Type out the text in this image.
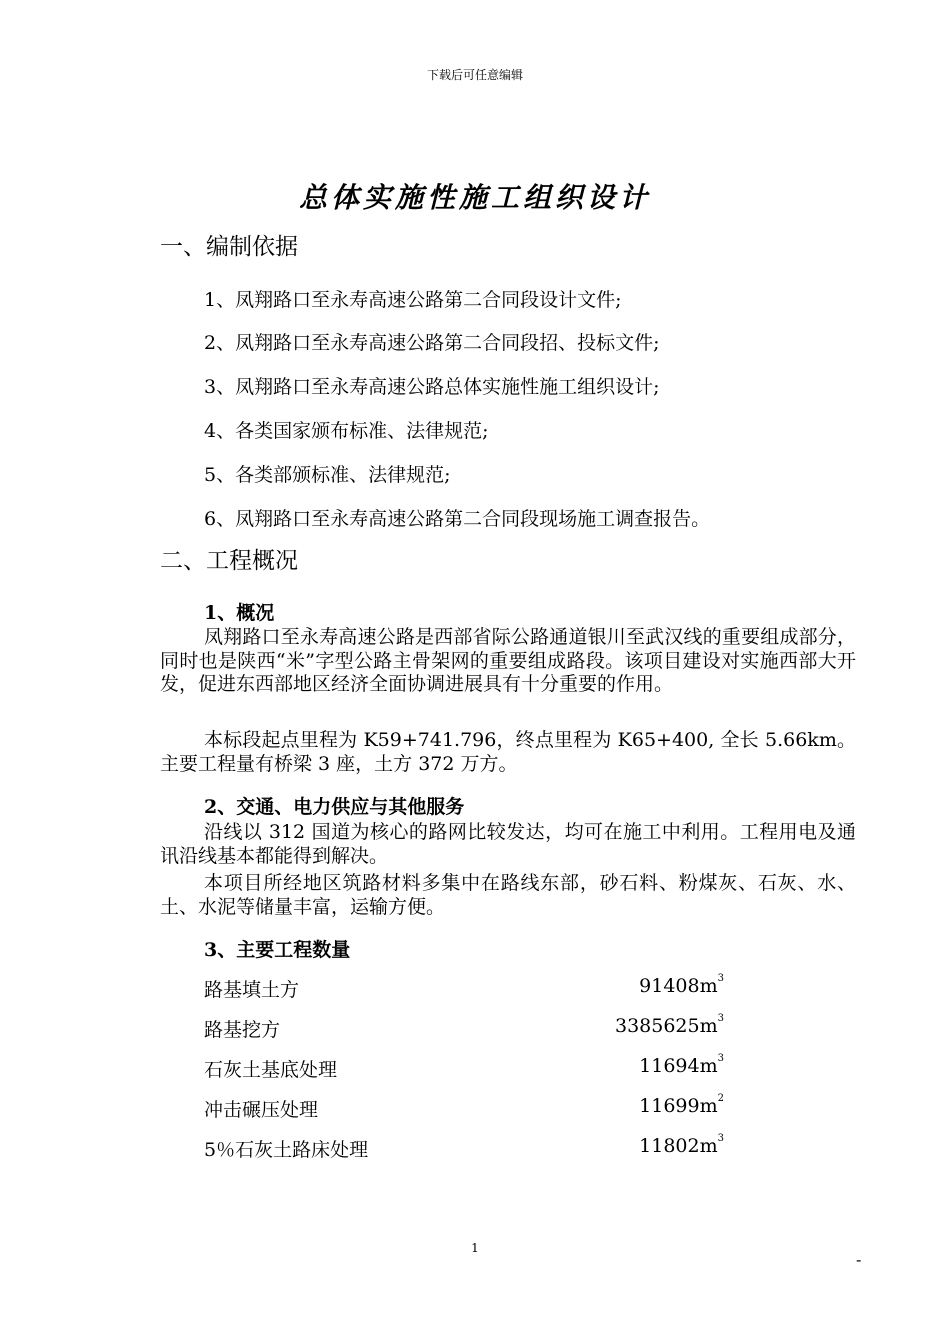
下载后可任意编辑
总体实施性施工组织设计
一、编制依据
1、凤翔路口至永寿高速公路第二合同段设计文件;
2、凤翔路口至永寿高速公路第二合同段招、投标文件;
3、凤翔路口至永寿高速公路总体实施性施工组织设计;
4、各类国家颁布标准、法律规范;
5、各类部颁标准、法律规范;
6、凤翔路口至永寿高速公路第二合同段现场施工调查报告。
二、工程概况
1、概况
凤翔路口至永寿高速公路是西部省际公路通道银川至武汉线的重要组成部分，同时也是陕西“米”字型公路主骨架网的重要组成路段。该项目建设对实施西部大开发，促进东西部地区经济全面协调进展具有十分重要的作用。
本标段起点里程为 K59+741.796，终点里程为 K65+400, 全长 5.66km。主要工程量有桥梁 3 座，土方 372 万方。
2、交通、电力供应与其他服务
沿线以 312 国道为核心的路网比较发达，均可在施工中利用。工程用电及通讯沿线基本都能得到解决。
本项目所经地区筑路材料多集中在路线东部，砂石料、粉煤灰、石灰、水、土、水泥等储量丰富，运输方便。
3、主要工程数量
路基填土方	$91408m^3$
路基挖方	$3385625m^3$
石灰土基底处理	$11694m^3$
冲击碾压处理	$11699m^2$
5％石灰土路床处理	$11802m^3$
1
-
